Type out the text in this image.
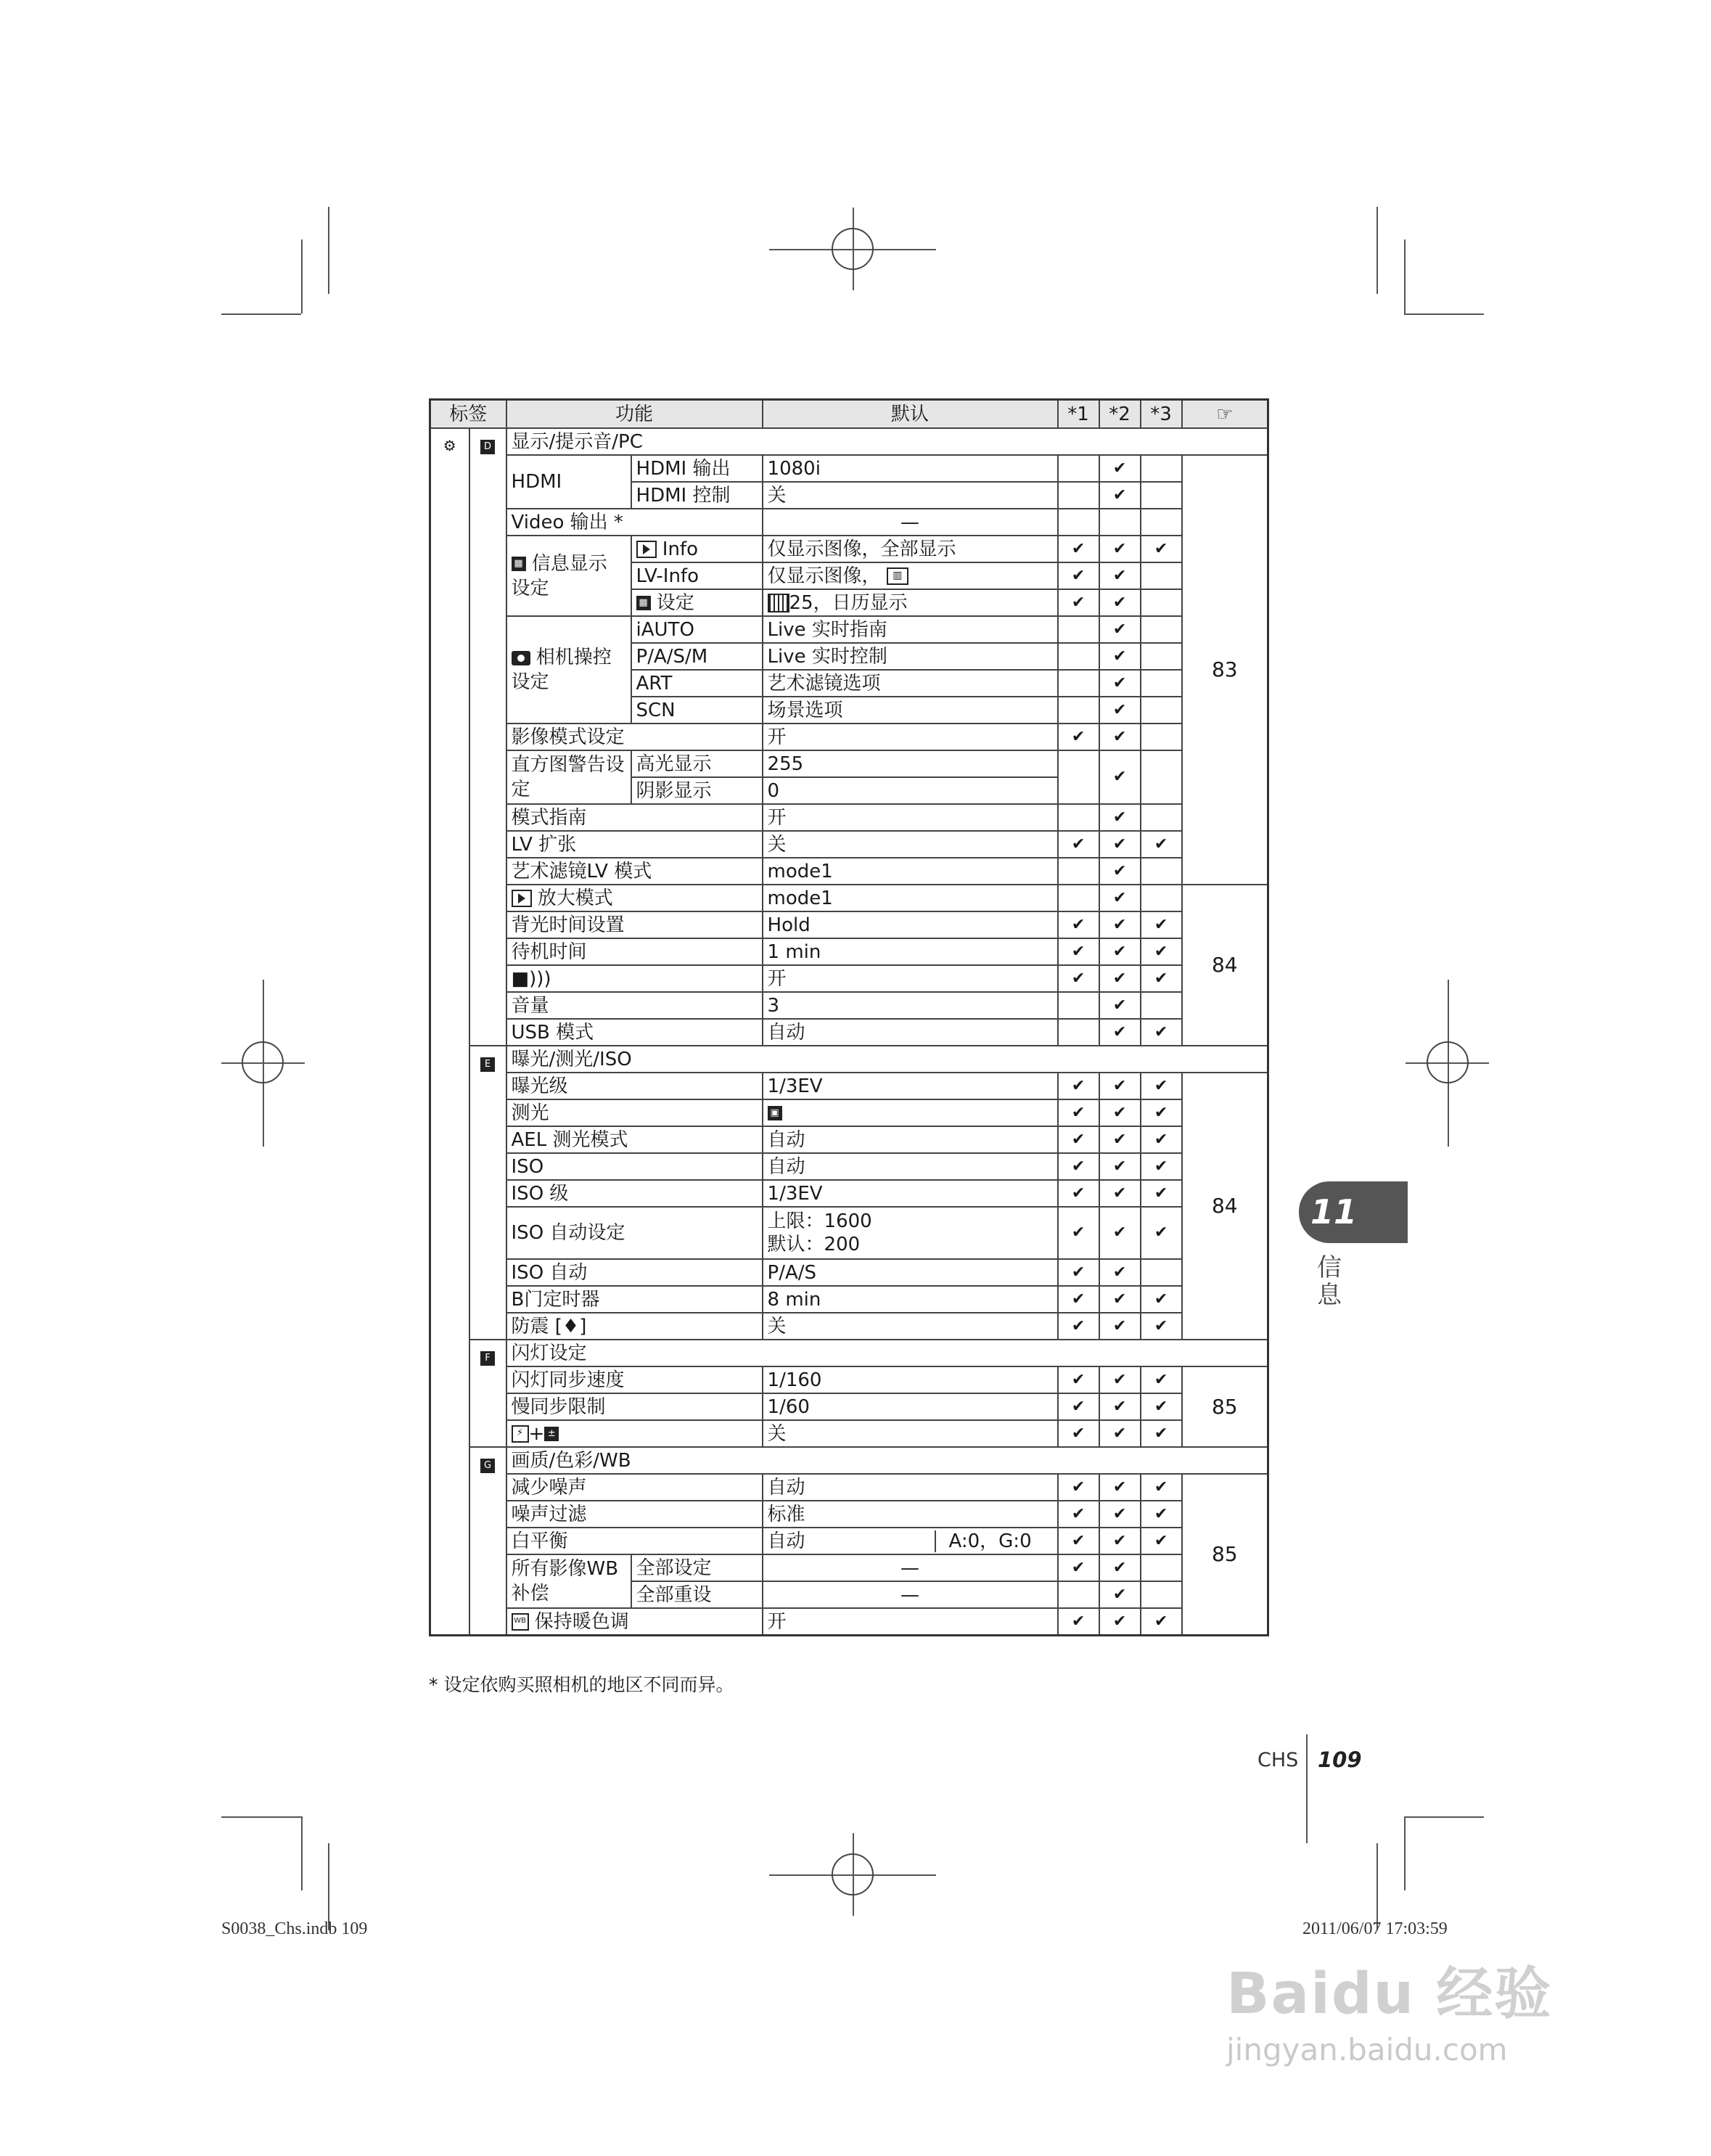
标签		功能		默认	*1	*2	*3	☞
⚙	D	显示/提示音/PC						
		HDMI	HDMI 输出	1080i		✔		83
			HDMI 控制	关		✔		
		Video 输出 *		—				
		▦ 信息显示设定	Info	仅显示图像，全部显示	✔	✔	✔	
			LV-Info	仅显示图像， ▥	✔	✔		
			▦ 设定	25，日历显示	✔	✔		
		相机操控设定	iAUTO	Live 实时指南		✔		
			P/A/S/M	Live 实时控制		✔		
			ART	艺术滤镜选项		✔		
			SCN	场景选项		✔		
		影像模式设定		开	✔	✔		
		直方图警告设定	高光显示	255		✔		
			阴影显示	0				
		模式指南		开		✔		
		LV 扩张		关	✔	✔	✔	
		艺术滤镜LV 模式		mode1		✔		
		放大模式		mode1		✔		84
		背光时间设置		Hold	✔	✔	✔	
		待机时间		1 min	✔	✔	✔	
		■)))		开	✔	✔	✔	
		音量		3		✔		
		USB 模式		自动		✔	✔	
	E	曝光/测光/ISO						
		曝光级		1/3EV	✔	✔	✔	84
		测光		▣	✔	✔	✔	
		AEL 测光模式		自动	✔	✔	✔	
		ISO		自动	✔	✔	✔	
		ISO 级		1/3EV	✔	✔	✔	
		ISO 自动设定		上限：1600
默认：200	✔	✔	✔	
		ISO 自动		P/A/S	✔	✔		
		B门定时器		8 min	✔	✔	✔	
		防震 [♦]		关	✔	✔	✔	
	F	闪灯设定						
		闪灯同步速度		1/160	✔	✔	✔	85
		慢同步限制		1/60	✔	✔	✔	
		⚡ + ±		关	✔	✔	✔	
	G	画质/色彩/WB						
		减少噪声		自动	✔	✔	✔	85
		噪声过滤		标准	✔	✔	✔	
		白平衡		自动 A:0，G:0	✔	✔	✔	
		所有影像WB 补偿	全部设定	—	✔	✔		
			全部重设	—		✔		
		WB 保持暖色调		开	✔	✔	✔	
* 设定依购买照相机的地区不同而异。
11
信
息
CHS 109
S0038_Chs.indb 109	2011/06/07 17:03:59
Baidu 经验
jingyan.baidu.com
